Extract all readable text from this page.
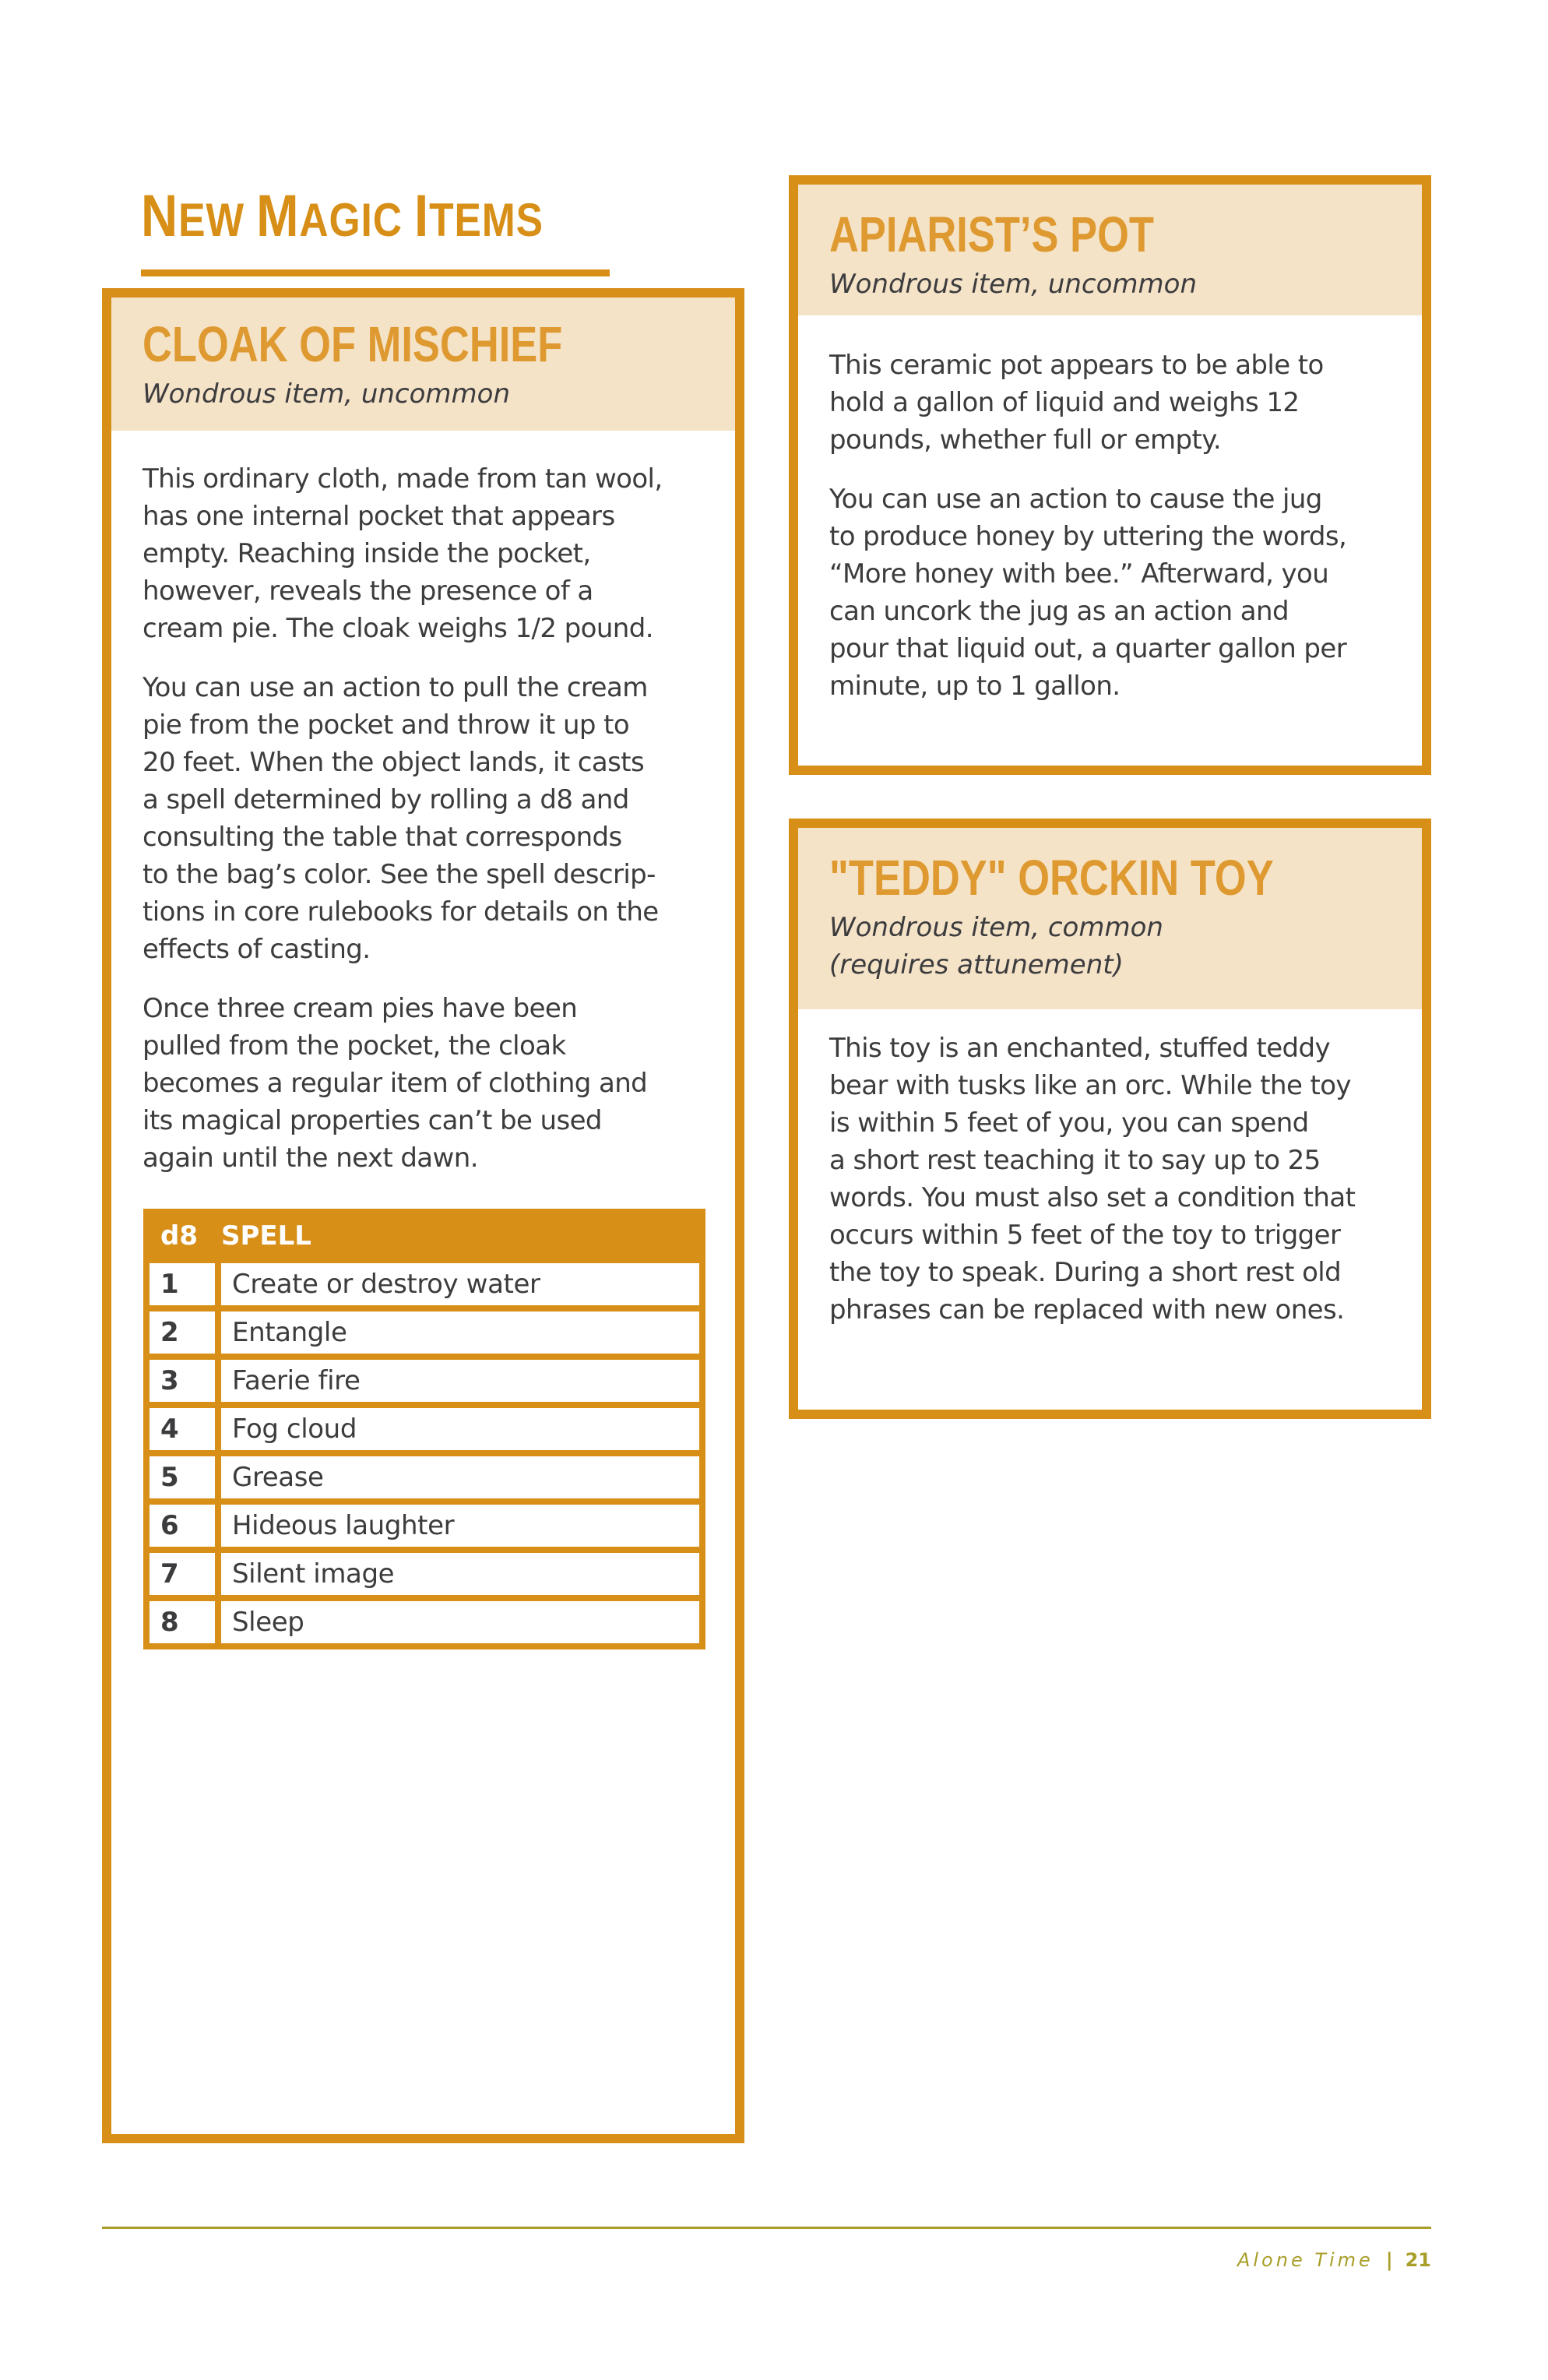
NEW MAGIC ITEMS
CLOAK OF MISCHIEF
Wondrous item, uncommon

This ordinary cloth, made from tan wool,
has one internal pocket that appears
empty. Reaching inside the pocket,
however, reveals the presence of a
cream pie. The cloak weighs 1/2 pound.

You can use an action to pull the cream
pie from the pocket and throw it up to
20 feet. When the object lands, it casts
a spell determined by rolling a d8 and
consulting the table that corresponds
to the bag’s color. See the spell descrip-
tions in core rulebooks for details on the
effects of casting.

Once three cream pies have been
pulled from the pocket, the cloak
becomes a regular item of clothing and
its magical properties can’t be used
again until the next dawn.

d8 SPELL
1	Create or destroy water
2	Entangle
3	Faerie fire
4	Fog cloud
5	Grease
6	Hideous laughter
7	Silent image
8	Sleep
APIARIST’S POT
Wondrous item, uncommon

This ceramic pot appears to be able to
hold a gallon of liquid and weighs 12
pounds, whether full or empty.

You can use an action to cause the jug
to produce honey by uttering the words,
“More honey with bee.” Afterward, you
can uncork the jug as an action and
pour that liquid out, a quarter gallon per
minute, up to 1 gallon.

"TEDDY" ORCKIN TOY
Wondrous item, common
(requires attunement)

This toy is an enchanted, stuffed teddy
bear with tusks like an orc. While the toy
is within 5 feet of you, you can spend
a short rest teaching it to say up to 25
words. You must also set a condition that
occurs within 5 feet of the toy to trigger
the toy to speak. During a short rest old
phrases can be replaced with new ones.

Alone Time | 21
